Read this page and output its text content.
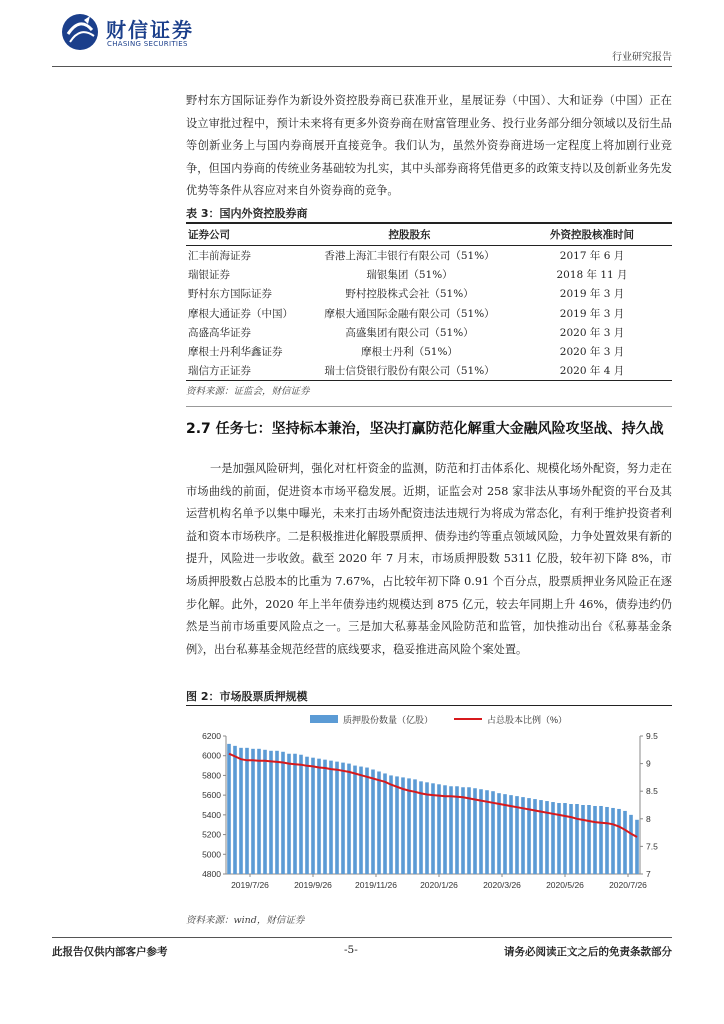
财信证券
CHASING SECURITIES
行业研究报告

野村东方国际证券作为新设外资控股券商已获准开业，星展证券（中国）、大和证券（中国）正在设立审批过程中，预计未来将有更多外资券商在财富管理业务、投行业务部分细分领域以及衍生品等创新业务上与国内券商展开直接竞争。我们认为，虽然外资券商进场一定程度上将加剧行业竞争，但国内券商的传统业务基础较为扎实，其中头部券商将凭借更多的政策支持以及创新业务先发优势等条件从容应对来自外资券商的竞争。

表 3：国内外资控股券商
证券公司	控股股东	外资控股核准时间
汇丰前海证券	香港上海汇丰银行有限公司（51%）	2017 年 6 月
瑞银证券	瑞银集团（51%）	2018 年 11 月
野村东方国际证券	野村控股株式会社（51%）	2019 年 3 月
摩根大通证券（中国）	摩根大通国际金融有限公司（51%）	2019 年 3 月
高盛高华证券	高盛集团有限公司（51%）	2020 年 3 月
摩根士丹利华鑫证券	摩根士丹利（51%）	2020 年 3 月
瑞信方正证券	瑞士信贷银行股份有限公司（51%）	2020 年 4 月
资料来源：证监会，财信证券
2.7 任务七：坚持标本兼治，坚决打赢防范化解重大金融风险攻坚战、持久战

一是加强风险研判，强化对杠杆资金的监测，防范和打击体系化、规模化场外配资，努力走在市场曲线的前面，促进资本市场平稳发展。近期，证监会对 258 家非法从事场外配资的平台及其运营机构名单予以集中曝光，未来打击场外配资违法违规行为将成为常态化，有利于维护投资者利益和资本市场秩序。二是积极推进化解股票质押、债券违约等重点领域风险，力争处置效果有新的提升，风险进一步收敛。截至 2020 年 7 月末，市场质押股数 5311 亿股，较年初下降 8%，市场质押股数占总股本的比重为 7.67%，占比较年初下降 0.91 个百分点，股票质押业务风险正在逐步化解。此外，2020 年上半年债券违约规模达到 875 亿元，较去年同期上升 46%，债券违约仍然是当前市场重要风险点之一。三是加大私募基金风险防范和监管，加快推动出台《私募基金条例》，出台私募基金规范经营的底线要求，稳妥推进高风险个案处置。

图 2：市场股票质押规模
质押股份数量（亿股）	占总股本比例（%）
4800
5000
5200
5400
5600
5800
6000
6200
7
7.5
8
8.5
9
9.5
2019/7/26	2019/9/26	2019/11/26	2020/1/26	2020/3/26	2020/5/26	2020/7/26
资料来源：wind，财信证券
此报告仅供内部客户参考	-5-	请务必阅读正文之后的免责条款部分
